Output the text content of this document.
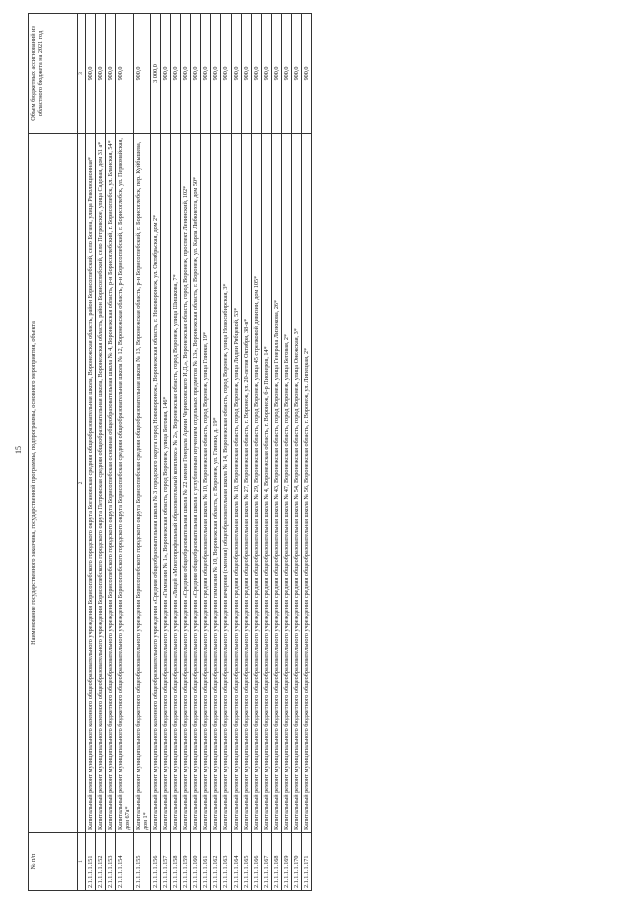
15
№ п/п	Наименование государственного заказчика, государственной программы, подпрограммы, основного мероприятия, объекта	Объем бюджетных ассигнований из областного бюджета на 2021 год
1	2	3
2.1.1.1.1.151	Капитальный ремонт муниципального казенного общеобразовательного учреждения Борисоглебского городского округа Богановская средняя общеобразовательная школа, Воронежская область, район Борисоглебский, село Богана, улица Революционная*	900,0
2.1.1.1.1.152	Капитальный ремонт муниципального казенного общеобразовательного учреждения Борисоглебского городского округа Петровская средняя общеобразовательная школа, Воронежская область, район Борисоглебский, село Петровское, улица Садовая, дом 31 а*	900,0
2.1.1.1.1.153	Капитальный ремонт муниципального бюджетного общеобразовательного учреждения Борисоглебского городского округа Борисоглебская основная общеобразовательная школа № 4, Воронежская область, р-н Борисоглебский, г. Борисоглебск, ул. Бланская, 54*	900,0
2.1.1.1.1.154	Капитальный ремонт муниципального бюджетного общеобразовательного учреждения Борисоглебского городского округа Борисоглебская средняя общеобразовательная школа № 12, Воронежская область, р-н Борисоглебский, г. Борисоглебск, ул. Первомайская, дом 67а*	900,0
2.1.1.1.1.155	Капитальный ремонт муниципального бюджетного общеобразовательного учреждения Борисоглебского городского округа Борисоглебская средняя общеобразовательная школа № 13, Воронежская область, р-н Борисоглебский, г. Борисоглебск, пер. Куйбышева, дом 1*	900,0
2.1.1.1.1.156	Капитальный ремонт муниципального казенного общеобразовательного учреждения «Средняя общеобразовательная школа № 3 городского округа город Нововоронеж», Воронежская область, г. Нововоронеж, ул. Октябрьская, дом 2*	3 000,0
2.1.1.1.1.157	Капитальный ремонт муниципального бюджетного общеобразовательного учреждения «Гимназия № 1», Воронежская область, город Воронеж, улица Беговая, 146*	900,0
2.1.1.1.1.158	Капитальный ремонт муниципального бюджетного общеобразовательного учреждения «Лицей «Многопрофильный образовательный комплекс» № 2», Воронежская область, город Воронеж, улица Шишкова, 7*	900,0
2.1.1.1.1.159	Капитальный ремонт муниципального бюджетного общеобразовательного учреждения «Средняя общеобразовательная школа № 22 имени Генерала Армии Черняховского И.Д.», Воронежская область, город Воронеж, проспект Ленинский, 102*	900,0
2.1.1.1.1.160	Капитальный ремонт муниципального бюджетного общеобразовательного учреждения «Средняя общеобразовательная школа с углубленным изучением отдельных предметов № 13», Воронежская область, г. Воронеж, ул. Карла Либкнехта, дом 50*	900,0
2.1.1.1.1.161	Капитальный ремонт муниципального бюджетного общеобразовательного учреждения средняя общеобразовательная школа № 10, Воронежская область, город Воронеж, улица Глинки, 19*	900,0
2.1.1.1.1.162	Капитальный ремонт муниципального бюджетного общеобразовательного учреждения гимназия № 10, Воронежская область, г. Воронеж, ул. Глинки, д. 19*	900,0
2.1.1.1.1.163	Капитальный ремонт муниципального бюджетного общеобразовательного учреждения вечерняя (сменная) общеобразовательная школа № 14, Воронежская область, город Воронеж, улица Новосибирская, 3*	900,0
2.1.1.1.1.164	Капитальный ремонт муниципального бюджетного общеобразовательного учреждения средняя общеобразовательная школа № 18, Воронежская область, город Воронеж, улица Лидии Рябцевой, 53*	900,0
2.1.1.1.1.165	Капитальный ремонт муниципального бюджетного общеобразовательного учреждения средняя общеобразовательная школа № 27, Воронежская область, г. Воронеж, ул. 20-летия Октября, 38-в*	900,0
2.1.1.1.1.166	Капитальный ремонт муниципального бюджетного общеобразовательного учреждения средняя общеобразовательная школа № 29, Воронежская область, город Воронеж, улица 45 стрелковой дивизии, дом 105*	900,0
2.1.1.1.1.167	Капитальный ремонт муниципального бюджетного общеобразовательного учреждения средняя общеобразовательная школа № 4, Воронежская область, г. Воронеж, б-р Пионеров, 14*	900,0
2.1.1.1.1.168	Капитальный ремонт муниципального бюджетного общеобразовательного учреждения средняя общеобразовательная школа № 43, Воронежская область, город Воронеж, улица Генерала Лизюкова, 26*	900,0
2.1.1.1.1.169	Капитальный ремонт муниципального бюджетного общеобразовательного учреждения средняя общеобразовательная школа № 47, Воронежская область, город Воронеж, улица Беговая, 2*	900,0
2.1.1.1.1.170	Капитальный ремонт муниципального бюджетного общеобразовательного учреждения средняя общеобразовательная школа № 54, Воронежская область, город Воронеж, улица Онежская, 3*	900,0
2.1.1.1.1.171	Капитальный ремонт муниципального бюджетного общеобразовательного учреждения средняя общеобразовательная школа № 56, Воронежская область, г. Воронеж, ул. Липецкая, 2*	900,0
